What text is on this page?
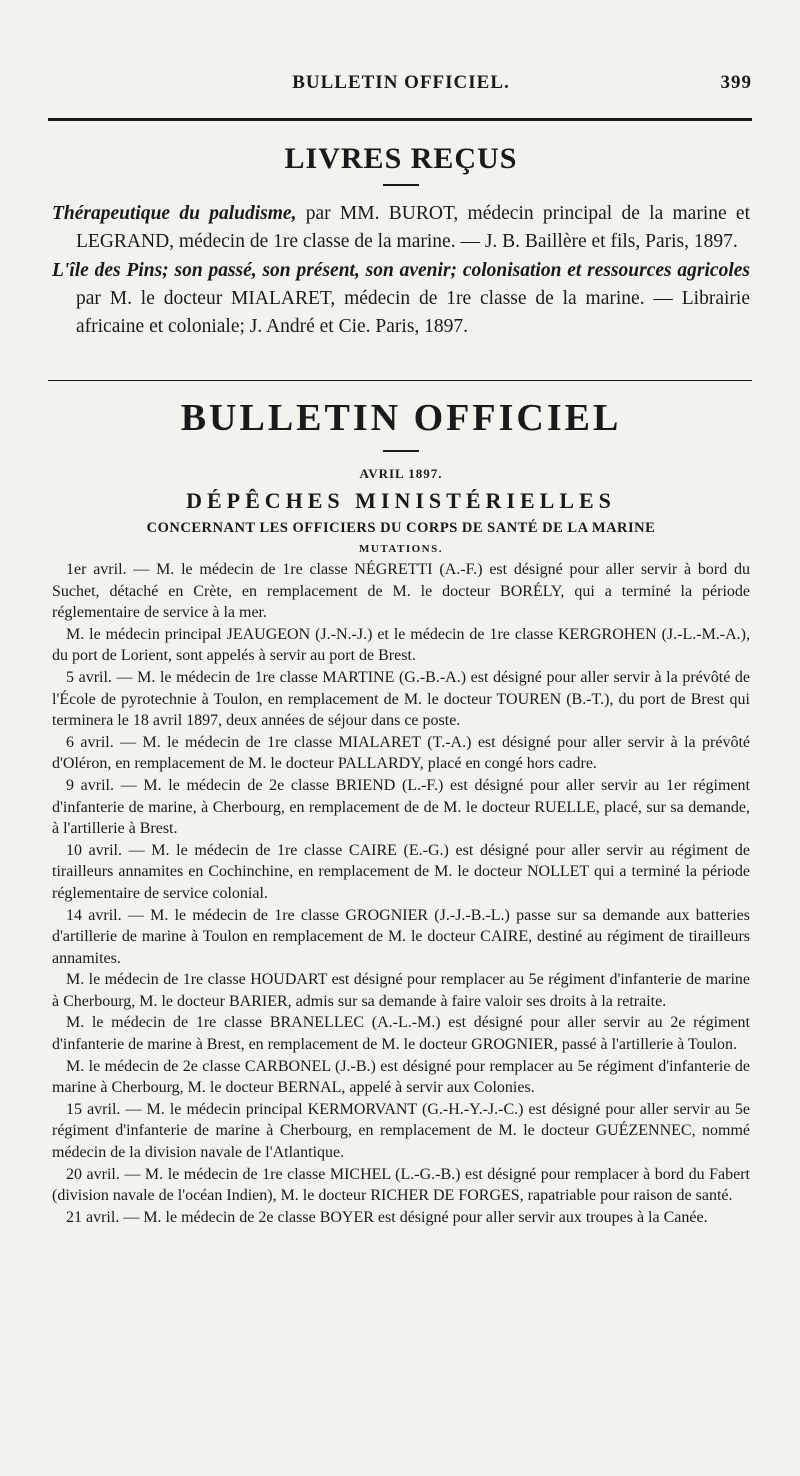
BULLETIN OFFICIEL.	399
LIVRES REÇUS

Thérapeutique du paludisme, par MM. BUROT, médecin principal de la marine et LEGRAND, médecin de 1re classe de la marine. — J. B. Baillère et fils, Paris, 1897.

L'île des Pins; son passé, son présent, son avenir; colonisation et ressources agricoles par M. le docteur MIALARET, médecin de 1re classe de la marine. — Librairie africaine et coloniale; J. André et Cie. Paris, 1897.

BULLETIN OFFICIEL
AVRIL 1897.
DÉPÊCHES MINISTÉRIELLES
CONCERNANT LES OFFICIERS DU CORPS DE SANTÉ DE LA MARINE
MUTATIONS.

1er avril. — M. le médecin de 1re classe NÉGRETTI (A.-F.) est désigné pour aller servir à bord du Suchet, détaché en Crète, en remplacement de M. le docteur BORÉLY, qui a terminé la période réglementaire de service à la mer.

M. le médecin principal JEAUGEON (J.-N.-J.) et le médecin de 1re classe KERGROHEN (J.-L.-M.-A.), du port de Lorient, sont appelés à servir au port de Brest.

5 avril. — M. le médecin de 1re classe MARTINE (G.-B.-A.) est désigné pour aller servir à la prévôté de l'École de pyrotechnie à Toulon, en remplacement de M. le docteur TOUREN (B.-T.), du port de Brest qui terminera le 18 avril 1897, deux années de séjour dans ce poste.

6 avril. — M. le médecin de 1re classe MIALARET (T.-A.) est désigné pour aller servir à la prévôté d'Oléron, en remplacement de M. le docteur PALLARDY, placé en congé hors cadre.

9 avril. — M. le médecin de 2e classe BRIEND (L.-F.) est désigné pour aller servir au 1er régiment d'infanterie de marine, à Cherbourg, en remplacement de de M. le docteur RUELLE, placé, sur sa demande, à l'artillerie à Brest.

10 avril. — M. le médecin de 1re classe CAIRE (E.-G.) est désigné pour aller servir au régiment de tirailleurs annamites en Cochinchine, en remplacement de M. le docteur NOLLET qui a terminé la période réglementaire de service colonial.

14 avril. — M. le médecin de 1re classe GROGNIER (J.-J.-B.-L.) passe sur sa demande aux batteries d'artillerie de marine à Toulon en remplacement de M. le docteur CAIRE, destiné au régiment de tirailleurs annamites.

M. le médecin de 1re classe HOUDART est désigné pour remplacer au 5e régiment d'infanterie de marine à Cherbourg, M. le docteur BARIER, admis sur sa demande à faire valoir ses droits à la retraite.

M. le médecin de 1re classe BRANELLEC (A.-L.-M.) est désigné pour aller servir au 2e régiment d'infanterie de marine à Brest, en remplacement de M. le docteur GROGNIER, passé à l'artillerie à Toulon.

M. le médecin de 2e classe CARBONEL (J.-B.) est désigné pour remplacer au 5e régiment d'infanterie de marine à Cherbourg, M. le docteur BERNAL, appelé à servir aux Colonies.

15 avril. — M. le médecin principal KERMORVANT (G.-H.-Y.-J.-C.) est désigné pour aller servir au 5e régiment d'infanterie de marine à Cherbourg, en remplacement de M. le docteur GUÉZENNEC, nommé médecin de la division navale de l'Atlantique.

20 avril. — M. le médecin de 1re classe MICHEL (L.-G.-B.) est désigné pour remplacer à bord du Fabert (division navale de l'océan Indien), M. le docteur RICHER DE FORGES, rapatriable pour raison de santé.

21 avril. — M. le médecin de 2e classe BOYER est désigné pour aller servir aux troupes à la Canée.
